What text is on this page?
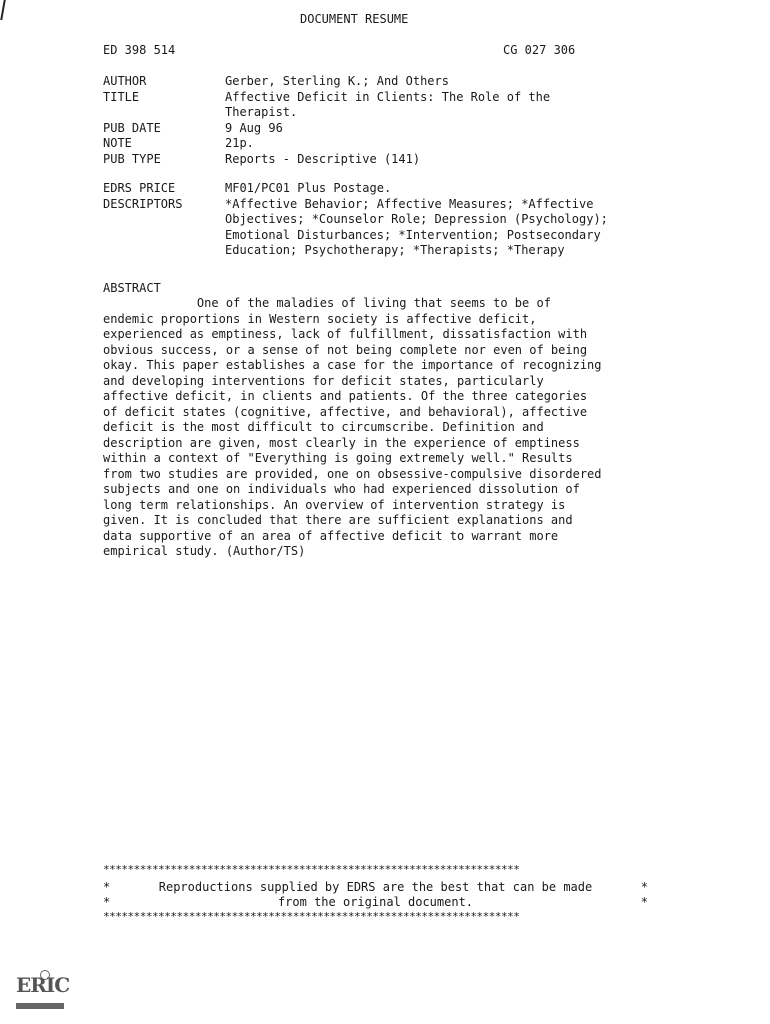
DOCUMENT RESUME
ED 398 514	CG 027 306
AUTHOR	Gerber, Sterling K.; And Others
TITLE	Affective Deficit in Clients: The Role of the
Therapist.
PUB DATE	9 Aug 96
NOTE	21p.
PUB TYPE	Reports - Descriptive (141)
EDRS PRICE	MF01/PC01 Plus Postage.
DESCRIPTORS	*Affective Behavior; Affective Measures; *Affective
Objectives; *Counselor Role; Depression (Psychology);
Emotional Disturbances; *Intervention; Postsecondary
Education; Psychotherapy; *Therapists; *Therapy
ABSTRACT
One of the maladies of living that seems to be of
endemic proportions in Western society is affective deficit,
experienced as emptiness, lack of fulfillment, dissatisfaction with
obvious success, or a sense of not being complete nor even of being
okay. This paper establishes a case for the importance of recognizing
and developing interventions for deficit states, particularly
affective deficit, in clients and patients. Of the three categories
of deficit states (cognitive, affective, and behavioral), affective
deficit is the most difficult to circumscribe. Definition and
description are given, most clearly in the experience of emptiness
within a context of "Everything is going extremely well." Results
from two studies are provided, one on obsessive-compulsive disordered
subjects and one on individuals who had experienced dissolution of
long term relationships. An overview of intervention strategy is
given. It is concluded that there are sufficient explanations and
data supportive of an area of affective deficit to warrant more
empirical study. (Author/TS)
********************************************************************
*	Reproductions supplied by EDRS are the best that can be made	*
*	from the original document.	*
********************************************************************
ERIC
